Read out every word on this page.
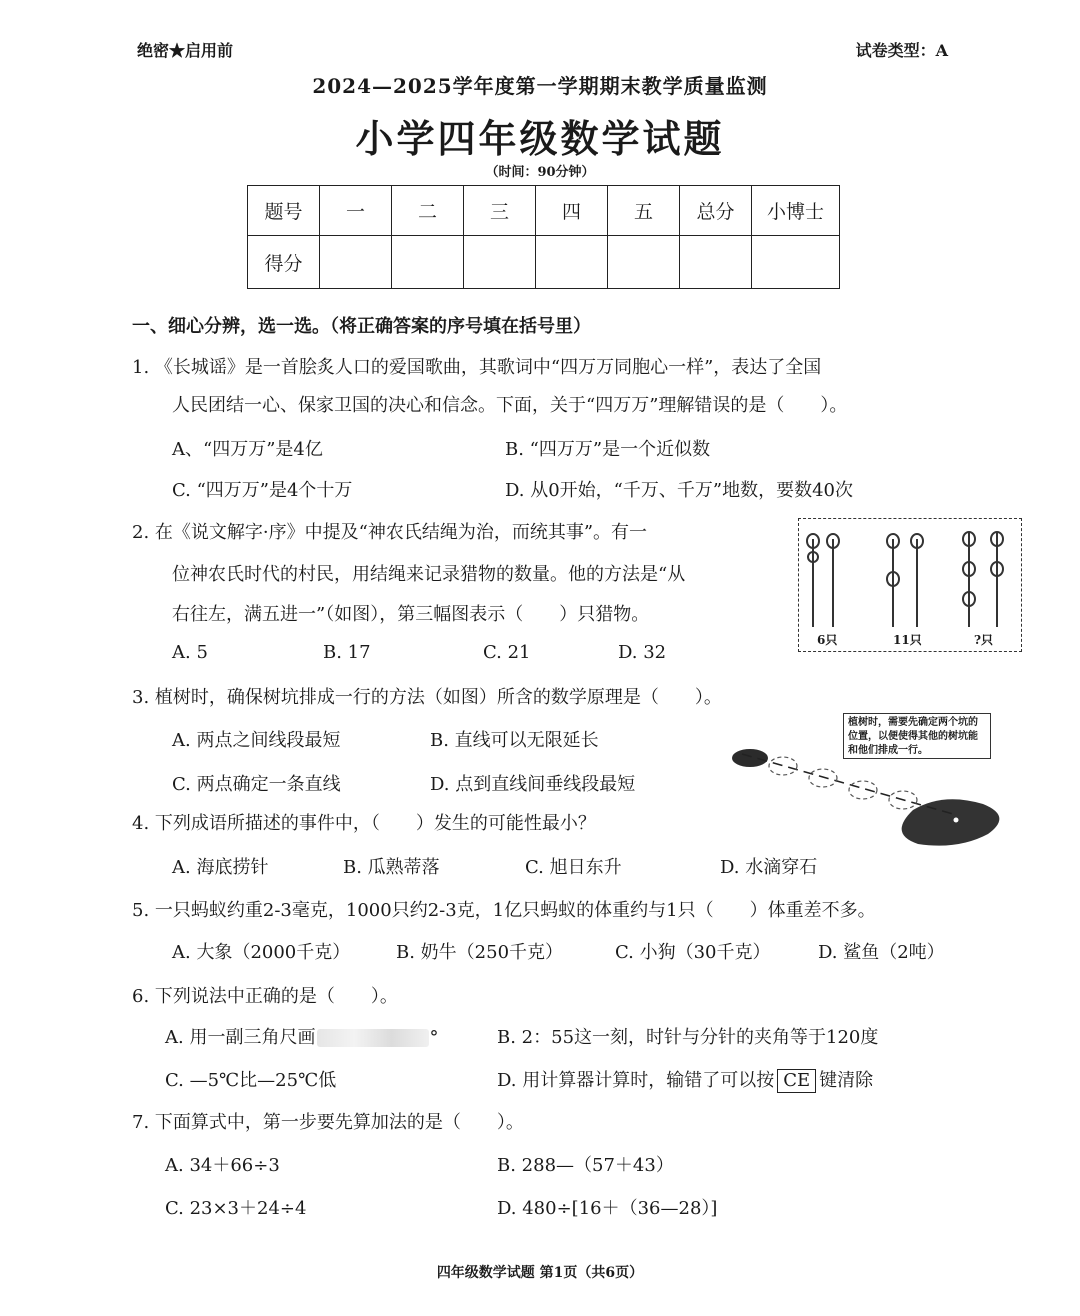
绝密★启用前	试卷类型：A
2024—2025学年度第一学期期末教学质量监测
小学四年级数学试题
（时间：90分钟）
题号	一	二	三	四	五	总分	小博士
得分							
一、细心分辨，选一选。（将正确答案的序号填在括号里）
1. 《长城谣》是一首脍炙人口的爱国歌曲，其歌词中“四万万同胞心一样”，表达了全国
人民团结一心、保家卫国的决心和信念。下面，关于“四万万”理解错误的是（　　）。
A、“四万万”是4亿	B. “四万万”是一个近似数
C. “四万万”是4个十万	D. 从0开始，“千万、千万”地数，要数40次
2. 在《说文解字·序》中提及“神农氏结绳为治，而统其事”。有一
位神农氏时代的村民，用结绳来记录猎物的数量。他的方法是“从
右往左，满五进一”（如图），第三幅图表示（　　）只猎物。
A. 5	B. 17	C. 21	D. 32
6只	11只	?只
3. 植树时，确保树坑排成一行的方法（如图）所含的数学原理是（　　）。
A. 两点之间线段最短	B. 直线可以无限延长
C. 两点确定一条直线	D. 点到直线间垂线段最短
植树时，需要先确定两个坑的位置，以便使得其他的树坑能和他们排成一行。
4. 下列成语所描述的事件中，（　　）发生的可能性最小？
A. 海底捞针	B. 瓜熟蒂落	C. 旭日东升	D. 水滴穿石
5. 一只蚂蚁约重2-3毫克，1000只约2-3克，1亿只蚂蚁的体重约与1只（　　）体重差不多。
A. 大象（2000千克）	B. 奶牛（250千克）	C. 小狗（30千克）	D. 鲨鱼（2吨）
6. 下列说法中正确的是（　　）。
A. 用一副三角尺画	°	B. 2：55这一刻，时针与分针的夹角等于120度
C. —5℃比—25℃低	D. 用计算器计算时，输错了可以按 CE 键清除
7. 下面算式中，第一步要先算加法的是（　　）。
A. 34＋66÷3	B. 288—（57＋43）
C. 23×3＋24÷4	D. 480÷[16＋（36—28）]
四年级数学试题 第1页（共6页）
